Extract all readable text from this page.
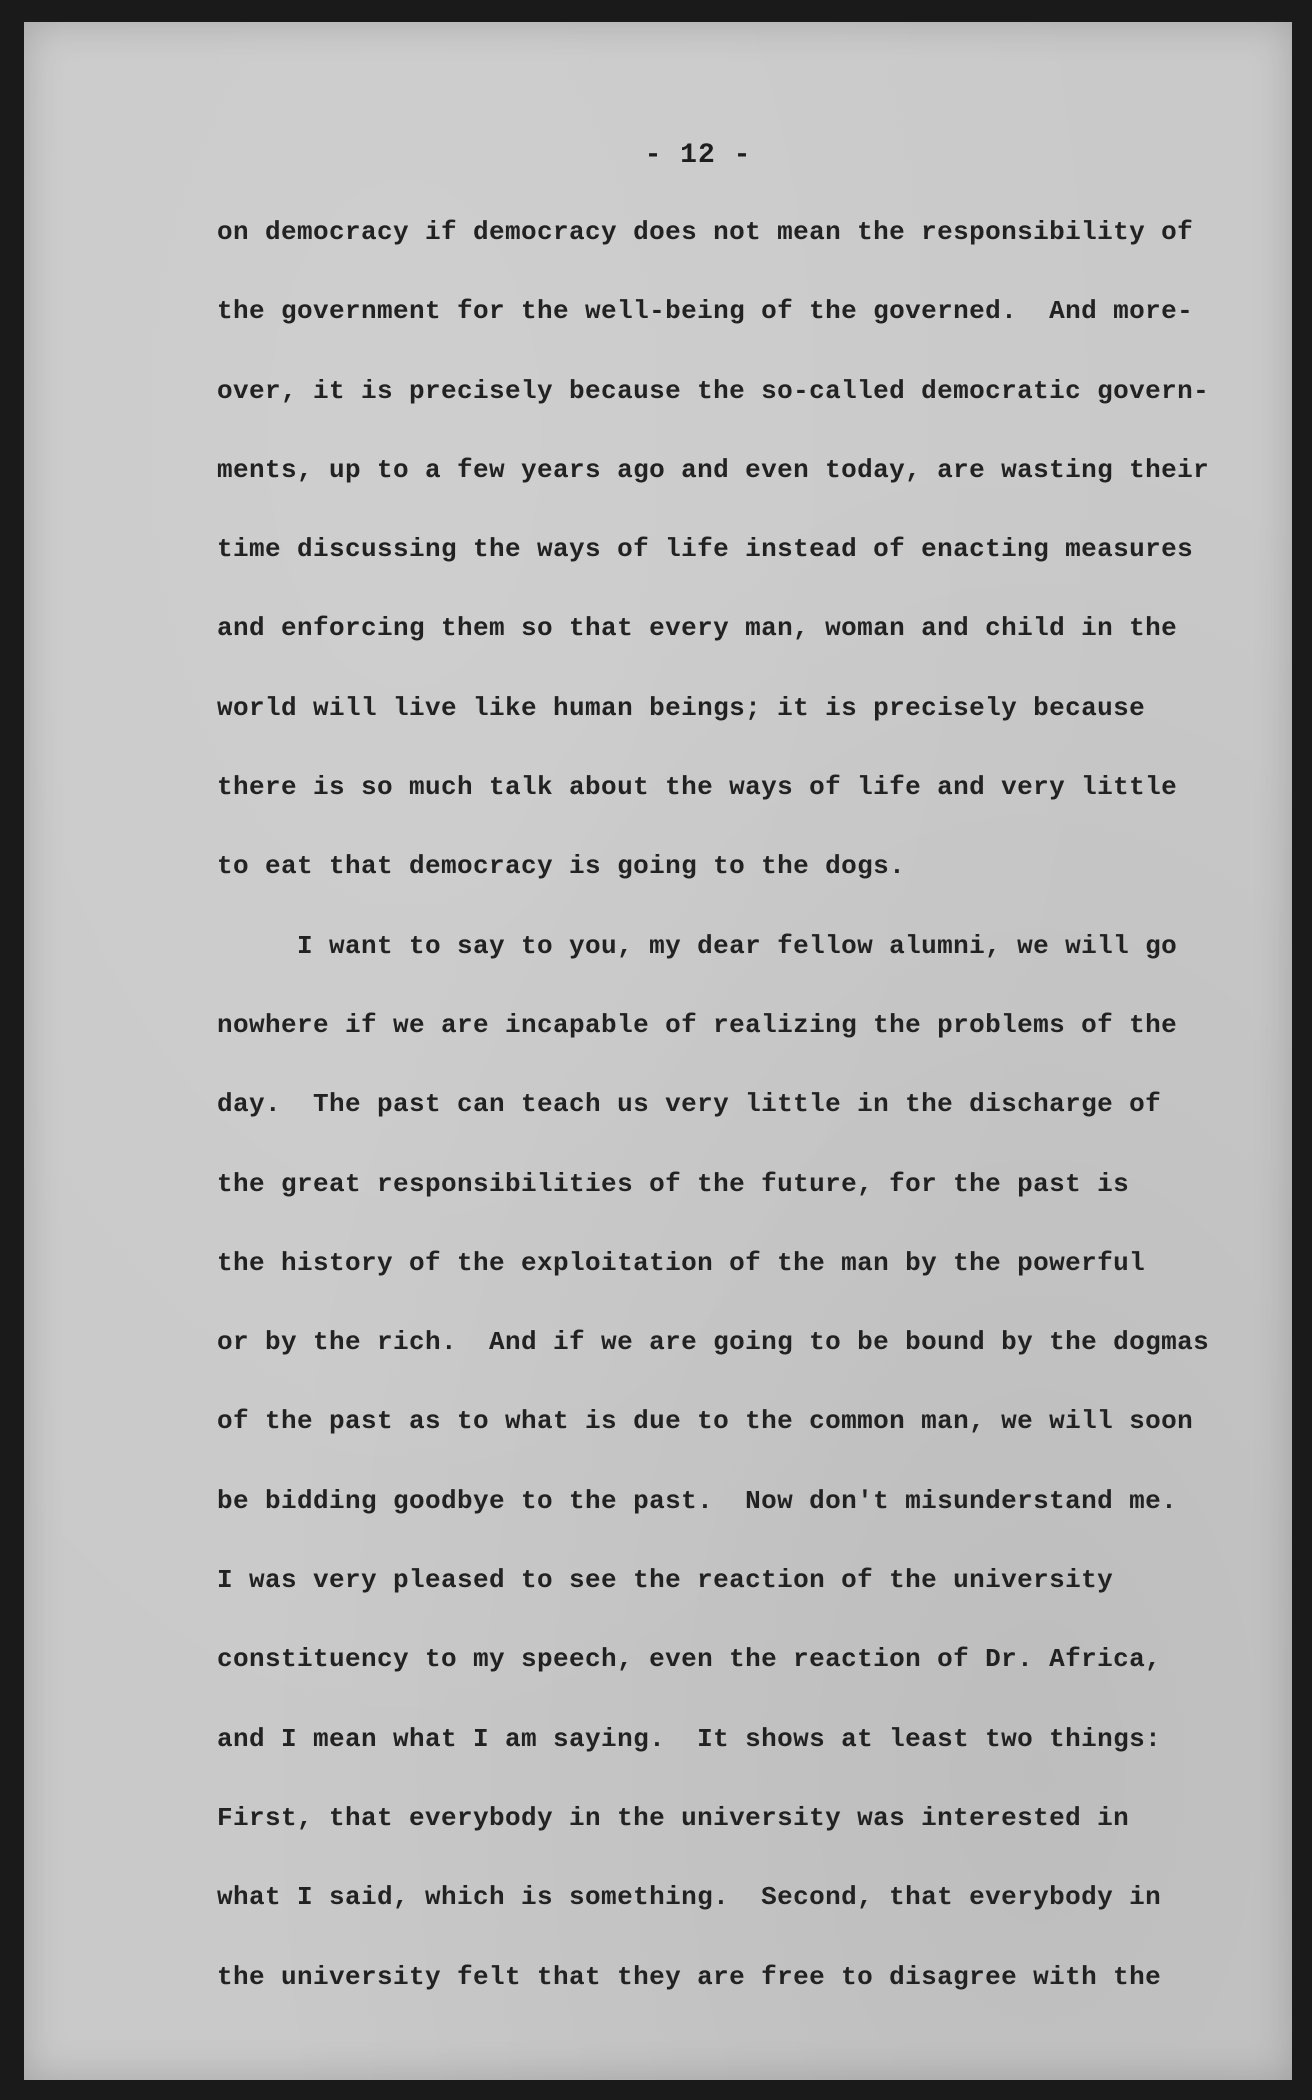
- 12 -
on democracy if democracy does not mean the responsibility of
the government for the well-being of the governed.  And more-
over, it is precisely because the so-called democratic govern-
ments, up to a few years ago and even today, are wasting their
time discussing the ways of life instead of enacting measures
and enforcing them so that every man, woman and child in the
world will live like human beings; it is precisely because
there is so much talk about the ways of life and very little
to eat that democracy is going to the dogs.
I want to say to you, my dear fellow alumni, we will go
nowhere if we are incapable of realizing the problems of the
day.  The past can teach us very little in the discharge of
the great responsibilities of the future, for the past is
the history of the exploitation of the man by the powerful
or by the rich.  And if we are going to be bound by the dogmas
of the past as to what is due to the common man, we will soon
be bidding goodbye to the past.  Now don't misunderstand me.
I was very pleased to see the reaction of the university
constituency to my speech, even the reaction of Dr. Africa,
and I mean what I am saying.  It shows at least two things:
First, that everybody in the university was interested in
what I said, which is something.  Second, that everybody in
the university felt that they are free to disagree with the
